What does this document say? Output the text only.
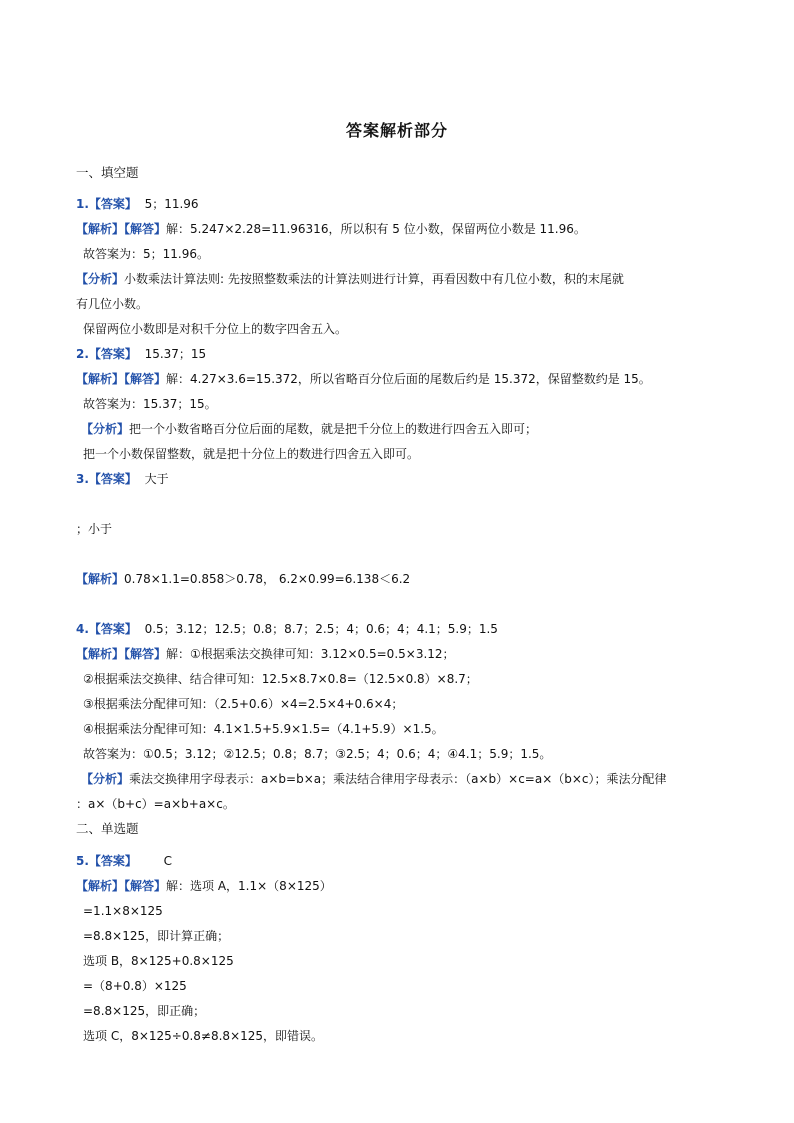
答案解析部分
一、填空题
1.【答案】 5；11.96
【解析】【解答】解：5.247×2.28=11.96316，所以积有 5 位小数，保留两位小数是 11.96。
故答案为：5；11.96。
【分析】小数乘法计算法则: 先按照整数乘法的计算法则进行计算，再看因数中有几位小数，积的末尾就
有几位小数。
保留两位小数即是对积千分位上的数字四舍五入。
2.【答案】 15.37；15
【解析】【解答】解：4.27×3.6=15.372，所以省略百分位后面的尾数后约是 15.372，保留整数约是 15。
故答案为：15.37；15。
【分析】把一个小数省略百分位后面的尾数，就是把千分位上的数进行四舍五入即可；
把一个小数保留整数，就是把十分位上的数进行四舍五入即可。
3.【答案】 大于
；小于
【解析】0.78×1.1=0.858＞0.78， 6.2×0.99=6.138＜6.2
4.【答案】 0.5；3.12；12.5；0.8；8.7；2.5；4；0.6；4；4.1；5.9；1.5
【解析】【解答】解：①根据乘法交换律可知：3.12×0.5=0.5×3.12；
②根据乘法交换律、结合律可知：12.5×8.7×0.8=（12.5×0.8）×8.7；
③根据乘法分配律可知：（2.5+0.6）×4=2.5×4+0.6×4；
④根据乘法分配律可知：4.1×1.5+5.9×1.5=（4.1+5.9）×1.5。
故答案为：①0.5；3.12；②12.5；0.8；8.7；③2.5；4；0.6；4；④4.1；5.9；1.5。
【分析】乘法交换律用字母表示：a×b=b×a；乘法结合律用字母表示：（a×b）×c=a×（b×c）；乘法分配律
：a×（b+c）=a×b+a×c。
二、单选题
5.【答案】 C
【解析】【解答】解：选项 A，1.1×（8×125）
=1.1×8×125
=8.8×125，即计算正确；
选项 B，8×125+0.8×125
=（8+0.8）×125
=8.8×125，即正确；
选项 C，8×125÷0.8≠8.8×125，即错误。
